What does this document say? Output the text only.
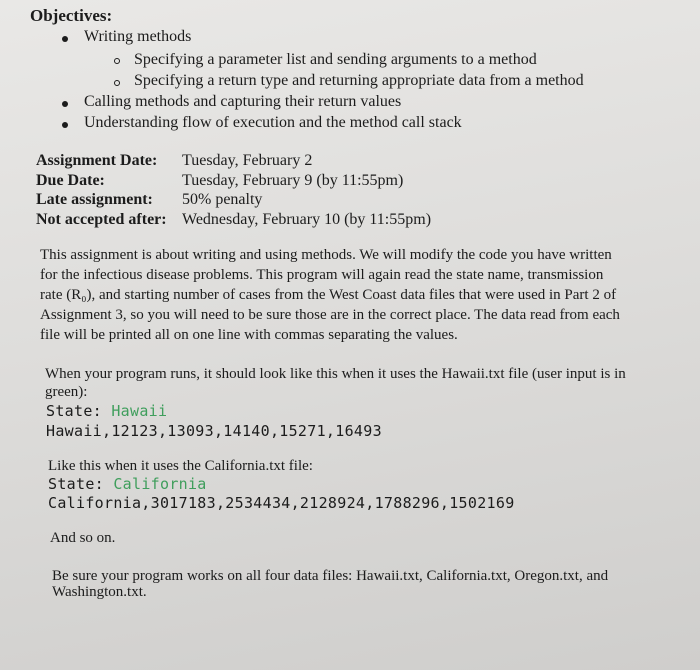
Objectives:
Writing methods
Specifying a parameter list and sending arguments to a method
Specifying a return type and returning appropriate data from a method
Calling methods and capturing their return values
Understanding flow of execution and the method call stack
Assignment Date: Tuesday, February 2
Due Date:	Tuesday, February 9 (by 11:55pm)
Late assignment: 50% penalty
Not accepted after: Wednesday, February 10 (by 11:55pm)
This assignment is about writing and using methods. We will modify the code you have written
for the infectious disease problems. This program will again read the state name, transmission
rate (R₀), and starting number of cases from the West Coast data files that were used in Part 2 of
Assignment 3, so you will need to be sure those are in the correct place. The data read from each
file will be printed all on one line with commas separating the values.
When your program runs, it should look like this when it uses the Hawaii.txt file (user input is in
green):
State: Hawaii
Hawaii,12123,13093,14140,15271,16493
Like this when it uses the California.txt file:
State: California
California,3017183,2534434,2128924,1788296,1502169
And so on.
Be sure your program works on all four data files: Hawaii.txt, California.txt, Oregon.txt, and
Washington.txt.
